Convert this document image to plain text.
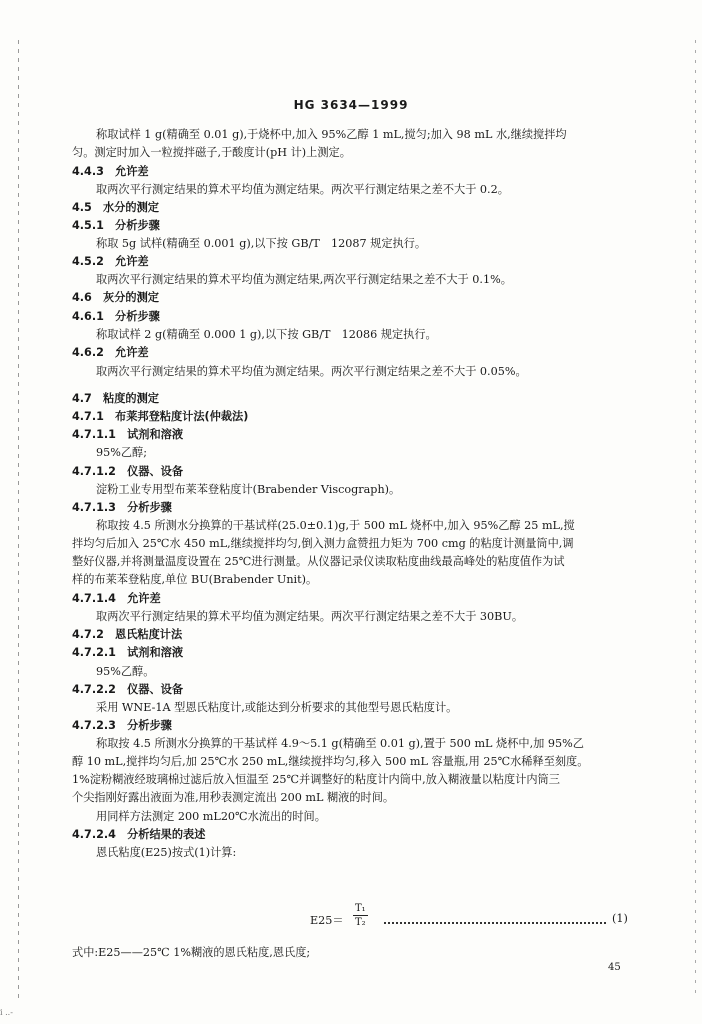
HG 3634—1999
$E25= \frac{\text{T₁}}{\text{T₂}}$	(1)
式中:E25——25℃ 1%糊液的恩氏粘度,恩氏度;
称取试样 1 g(精确至 0.01 g),于烧杯中,加入 95%乙醇 1 mL,搅匀;加入 98 mL 水,继续搅拌均
匀。测定时加入一粒搅拌磁子,于酸度计(pH 计)上测定。
4.4.3　允许差
取两次平行测定结果的算术平均值为测定结果。两次平行测定结果之差不大于 0.2。
4.5　水分的测定
4.5.1　分析步骤
称取 5g 试样(精确至 0.001 g),以下按 GB/T　12087 规定执行。
4.5.2　允许差
取两次平行测定结果的算术平均值为测定结果,两次平行测定结果之差不大于 0.1%。
4.6　灰分的测定
4.6.1　分析步骤
称取试样 2 g(精确至 0.000 1 g),以下按 GB/T　12086 规定执行。
4.6.2　允许差
取两次平行测定结果的算术平均值为测定结果。两次平行测定结果之差不大于 0.05%。
4.7　粘度的测定
4.7.1　布莱邦登粘度计法(仲裁法)
4.7.1.1　试剂和溶液
95%乙醇;
4.7.1.2　仪器、设备
淀粉工业专用型布莱苯登粘度计(Brabender Viscograph)。
4.7.1.3　分析步骤
称取按 4.5 所测水分换算的干基试样(25.0±0.1)g,于 500 mL 烧杯中,加入 95%乙醇 25 mL,搅
拌均匀后加入 25℃水 450 mL,继续搅拌均匀,倒入测力盒赞扭力矩为 700 cmg 的粘度计测量筒中,调
整好仪器,并将测量温度设置在 25℃进行测量。从仪器记录仪读取粘度曲线最高峰处的粘度值作为试
样的布莱苯登粘度,单位 BU(Brabender Unit)。
4.7.1.4　允许差
取两次平行测定结果的算术平均值为测定结果。两次平行测定结果之差不大于 30BU。
4.7.2　恩氏粘度计法
4.7.2.1　试剂和溶液
95%乙醇。
4.7.2.2　仪器、设备
采用 WNE-1A 型恩氏粘度计,或能达到分析要求的其他型号恩氏粘度计。
4.7.2.3　分析步骤
称取按 4.5 所测水分换算的干基试样 4.9～5.1 g(精确至 0.01 g),置于 500 mL 烧杯中,加 95%乙
醇 10 mL,搅拌均匀后,加 25℃水 250 mL,继续搅拌均匀,移入 500 mL 容量瓶,用 25℃水稀释至刻度。
1%淀粉糊液经玻璃棉过滤后放入恒温至 25℃并调整好的粘度计内筒中,放入糊液量以粘度计内筒三
个尖指刚好露出液面为准,用秒表测定流出 200 mL 糊液的时间。
用同样方法测定 200 mL20℃水流出的时间。
4.7.2.4　分析结果的表述
恩氏粘度(E25)按式(1)计算:
45
i ..-
